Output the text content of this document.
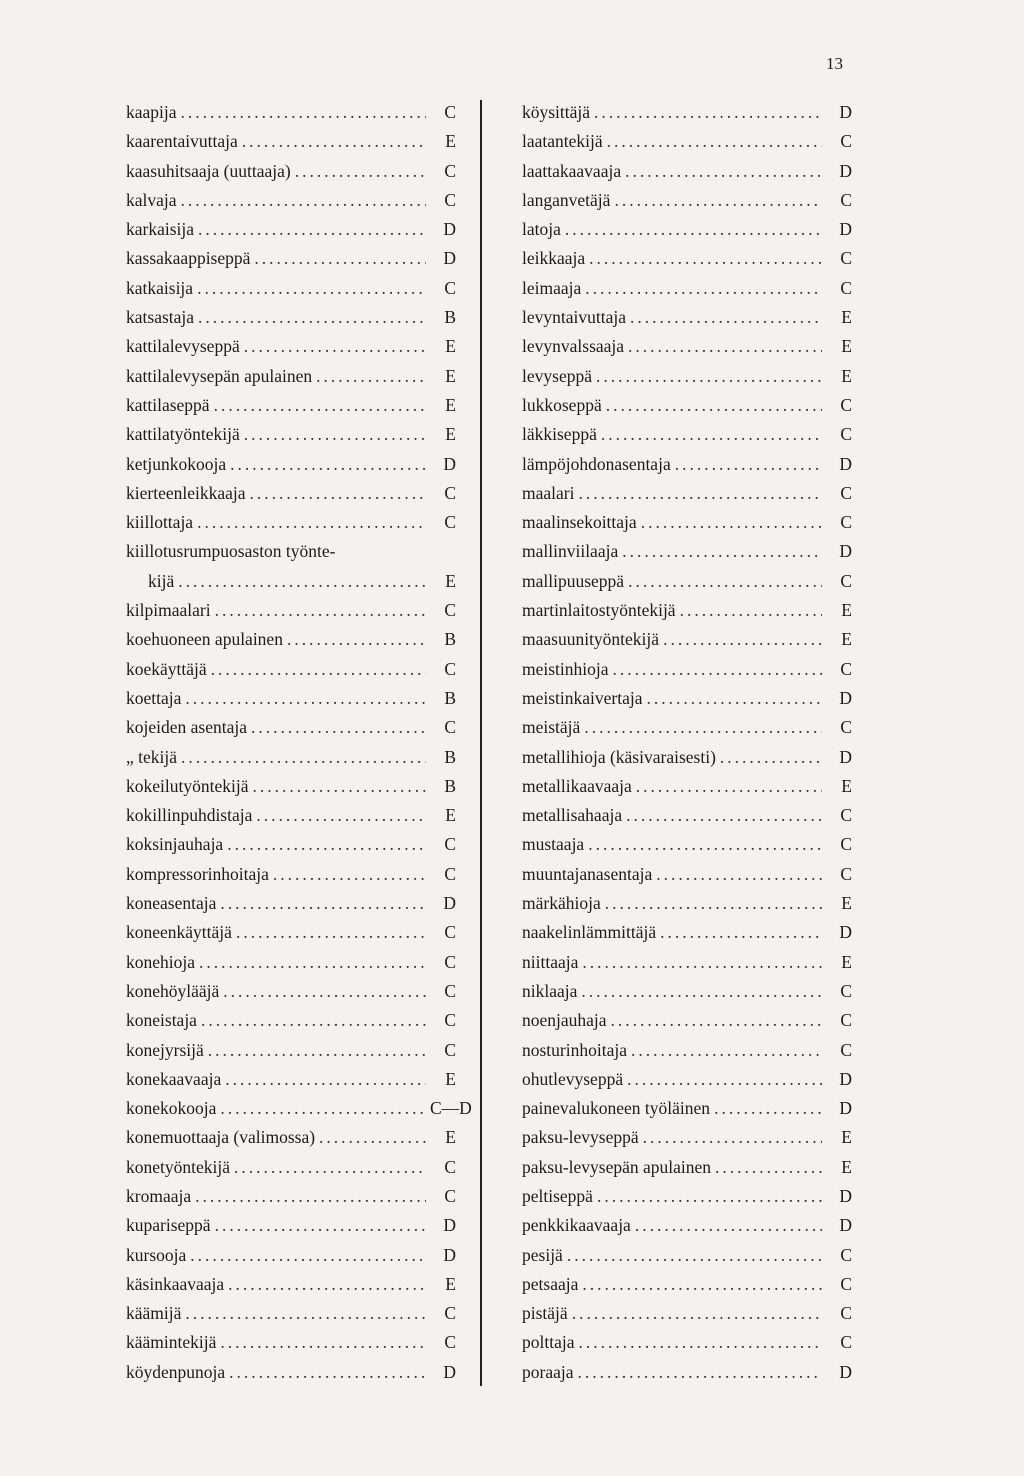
13
kaapija .....	C
kaarentaivuttaja .....	E
kaasuhitsaaja (uuttaaja) .....	C
kalvaja .....	C
karkaisija .....	D
kassakaappiseppä .....	D
katkaisija .....	C
katsastaja .....	B
kattilalevyseppä .....	E
kattilalevysepän apulainen .....	E
kattilaseppä .....	E
kattilatyöntekijä .....	E
ketjunkokooja .....	D
kierteenleikkaaja .....	C
kiillottaja .....	C
kiillotusrumpuosaston työnte-
kijä .....	E
kilpimaalari .....	C
koehuoneen apulainen .....	B
koekäyttäjä .....	C
koettaja .....	B
kojeiden asentaja .....	C
„ tekijä .....	B
kokeilutyöntekijä .....	B
kokillinpuhdistaja .....	E
koksinjauhaja .....	C
kompressorinhoitaja .....	C
koneasentaja .....	D
koneenkäyttäjä .....	C
konehioja .....	C
konehöylääjä .....	C
koneistaja .....	C
konejyrsijä .....	C
konekaavaaja .....	E
konekokooja .....	C—D
konemuottaaja (valimossa) .....	E
konetyöntekijä .....	C
kromaaja .....	C
kupariseppä .....	D
kursooja .....	D
käsinkaavaaja .....	E
käämijä .....	C
käämintekijä .....	C
köydenpunoja .....	D
köysittäjä .....	D
laatantekijä .....	C
laattakaavaaja .....	D
langanvetäjä .....	C
latoja .....	D
leikkaaja .....	C
leimaaja .....	C
levyntaivuttaja .....	E
levynvalssaaja .....	E
levyseppä .....	E
lukkoseppä .....	C
läkkiseppä .....	C
lämpöjohdonasentaja .....	D
maalari .....	C
maalinsekoittaja .....	C
mallinviilaaja .....	D
mallipuuseppä .....	C
martinlaitostyöntekijä .....	E
maasuunityöntekijä .....	E
meistinhioja .....	C
meistinkaivertaja .....	D
meistäjä .....	C
metallihioja (käsivaraisesti) .....	D
metallikaavaaja .....	E
metallisahaaja .....	C
mustaaja .....	C
muuntajanasentaja .....	C
märkähioja .....	E
naakelinlämmittäjä .....	D
niittaaja .....	E
niklaaja .....	C
noenjauhaja .....	C
nosturinhoitaja .....	C
ohutlevyseppä .....	D
painevalukoneen työläinen .....	D
paksu-levyseppä .....	E
paksu-levysepän apulainen .....	E
peltiseppä .....	D
penkkikaavaaja .....	D
pesijä .....	C
petsaaja .....	C
pistäjä .....	C
polttaja .....	C
poraaja .....	D
